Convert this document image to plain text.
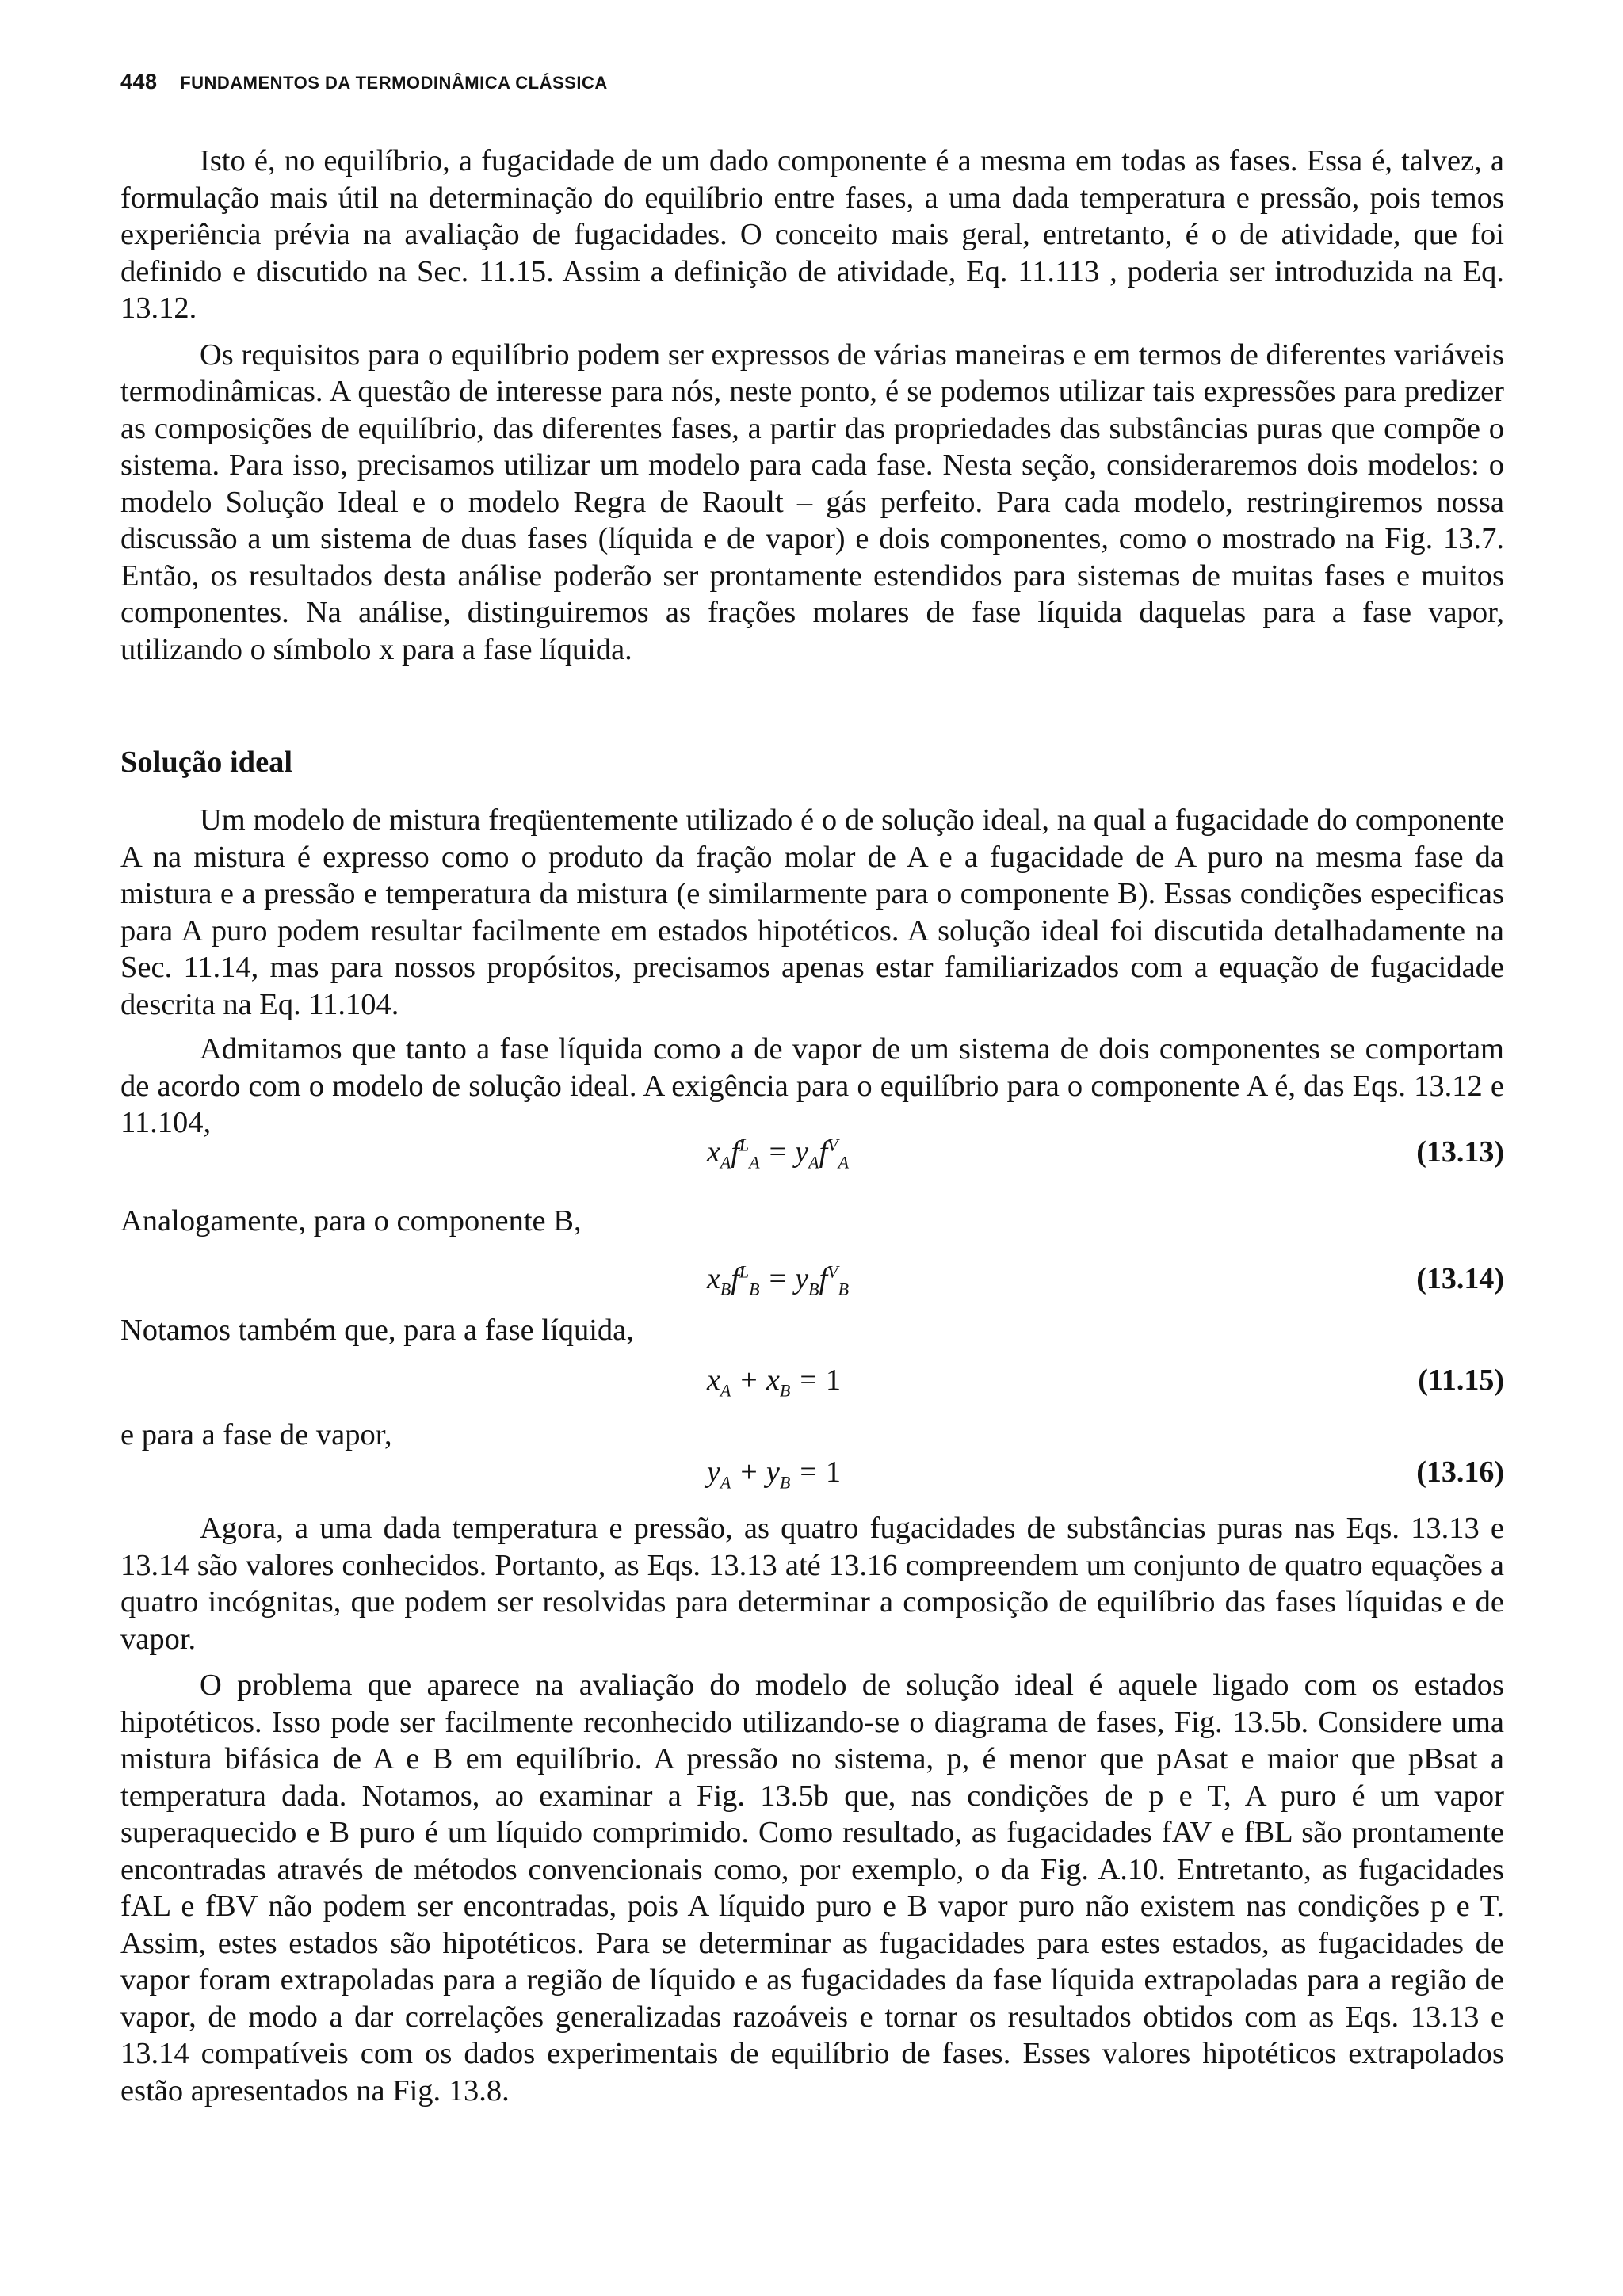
448 FUNDAMENTOS DA TERMODINÂMICA CLÁSSICA

Isto é, no equilíbrio, a fugacidade de um dado componente é a mesma em todas as fases. Essa é, talvez, a formulação mais útil na determinação do equilíbrio entre fases, a uma dada temperatura e pressão, pois temos experiência prévia na avaliação de fugacidades. O conceito mais geral, entretanto, é o de atividade, que foi definido e discutido na Sec. 11.15. Assim a definição de atividade, Eq. 11.113 , poderia ser introduzida na Eq. 13.12.

Os requisitos para o equilíbrio podem ser expressos de várias maneiras e em termos de diferentes variáveis termodinâmicas. A questão de interesse para nós, neste ponto, é se podemos utilizar tais expressões para predizer as composições de equilíbrio, das diferentes fases, a partir das propriedades das substâncias puras que compõe o sistema. Para isso, precisamos utilizar um modelo para cada fase. Nesta seção, consideraremos dois modelos: o modelo Solução Ideal e o modelo Regra de Raoult – gás perfeito. Para cada modelo, restringiremos nossa discussão a um sistema de duas fases (líquida e de vapor) e dois componentes, como o mostrado na Fig. 13.7. Então, os resultados desta análise poderão ser prontamente estendidos para sistemas de muitas fases e muitos componentes. Na análise, distinguiremos as frações molares de fase líquida daquelas para a fase vapor, utilizando o símbolo x para a fase líquida.

Solução ideal

Um modelo de mistura freqüentemente utilizado é o de solução ideal, na qual a fugacidade do componente A na mistura é expresso como o produto da fração molar de A e a fugacidade de A puro na mesma fase da mistura e a pressão e temperatura da mistura (e similarmente para o componente B). Essas condições especificas para A puro podem resultar facilmente em estados hipotéticos. A solução ideal foi discutida detalhadamente na Sec. 11.14, mas para nossos propósitos, precisamos apenas estar familiarizados com a equação de fugacidade descrita na Eq. 11.104.

Admitamos que tanto a fase líquida como a de vapor de um sistema de dois componentes se comportam de acordo com o modelo de solução ideal. A exigência para o equilíbrio para o componente A é, das Eqs. 13.12 e 11.104,

$x_Af^L_A = y_Af^V_A$	(13.13)

Analogamente, para o componente B,

$x_Bf^L_B = y_Bf^V_B$	(13.14)

Notamos também que, para a fase líquida,

$x_A + x_B = 1$	(11.15)

e para a fase de vapor,

$y_A + y_B = 1$	(13.16)

Agora, a uma dada temperatura e pressão, as quatro fugacidades de substâncias puras nas Eqs. 13.13 e 13.14 são valores conhecidos. Portanto, as Eqs. 13.13 até 13.16 compreendem um conjunto de quatro equações a quatro incógnitas, que podem ser resolvidas para determinar a composição de equilíbrio das fases líquidas e de vapor.

O problema que aparece na avaliação do modelo de solução ideal é aquele ligado com os estados hipotéticos. Isso pode ser facilmente reconhecido utilizando-se o diagrama de fases, Fig. 13.5b. Considere uma mistura bifásica de A e B em equilíbrio. A pressão no sistema, p, é menor que pAsat e maior que pBsat a temperatura dada. Notamos, ao examinar a Fig. 13.5b que, nas condições de p e T, A puro é um vapor superaquecido e B puro é um líquido comprimido. Como resultado, as fugacidades fAV e fBL são prontamente encontradas através de métodos convencionais como, por exemplo, o da Fig. A.10. Entretanto, as fugacidades fAL e fBV não podem ser encontradas, pois A líquido puro e B vapor puro não existem nas condições p e T. Assim, estes estados são hipotéticos. Para se determinar as fugacidades para estes estados, as fugacidades de vapor foram extrapoladas para a região de líquido e as fugacidades da fase líquida extrapoladas para a região de vapor, de modo a dar correlações generalizadas razoáveis e tornar os resultados obtidos com as Eqs. 13.13 e 13.14 compatíveis com os dados experimentais de equilíbrio de fases. Esses valores hipotéticos extrapolados estão apresentados na Fig. 13.8.
